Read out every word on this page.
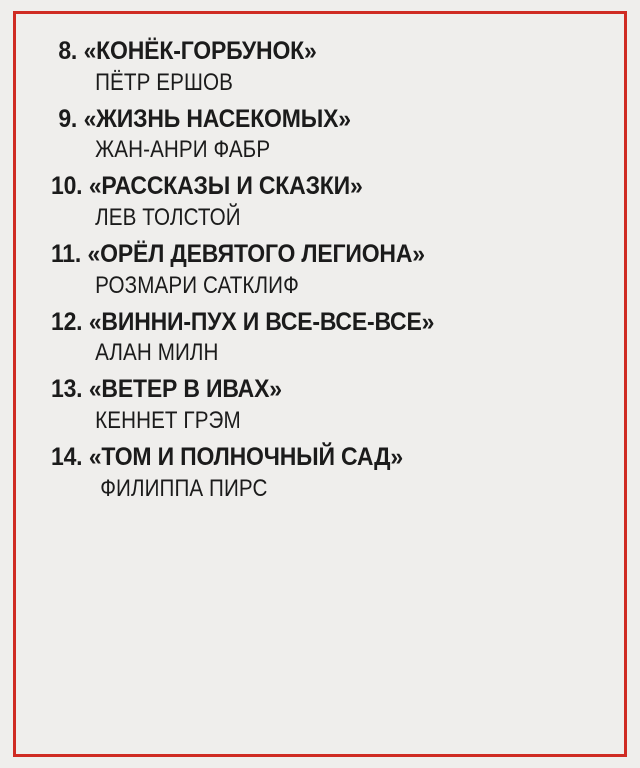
8. «КОНЁК-ГОРБУНОК»
ПЁТР ЕРШОВ
9. «ЖИЗНЬ НАСЕКОМЫХ»
ЖАН-АНРИ ФАБР
10. «РАССКАЗЫ И СКАЗКИ»
ЛЕВ ТОЛСТОЙ
11. «ОРЁЛ ДЕВЯТОГО ЛЕГИОНА»
РОЗМАРИ САТКЛИФ
12. «ВИННИ-ПУХ И ВСЕ-ВСЕ-ВСЕ»
АЛАН МИЛН
13. «ВЕТЕР В ИВАХ»
КЕННЕТ ГРЭМ
14. «ТОМ И ПОЛНОЧНЫЙ САД»
ФИЛИППА ПИРС
